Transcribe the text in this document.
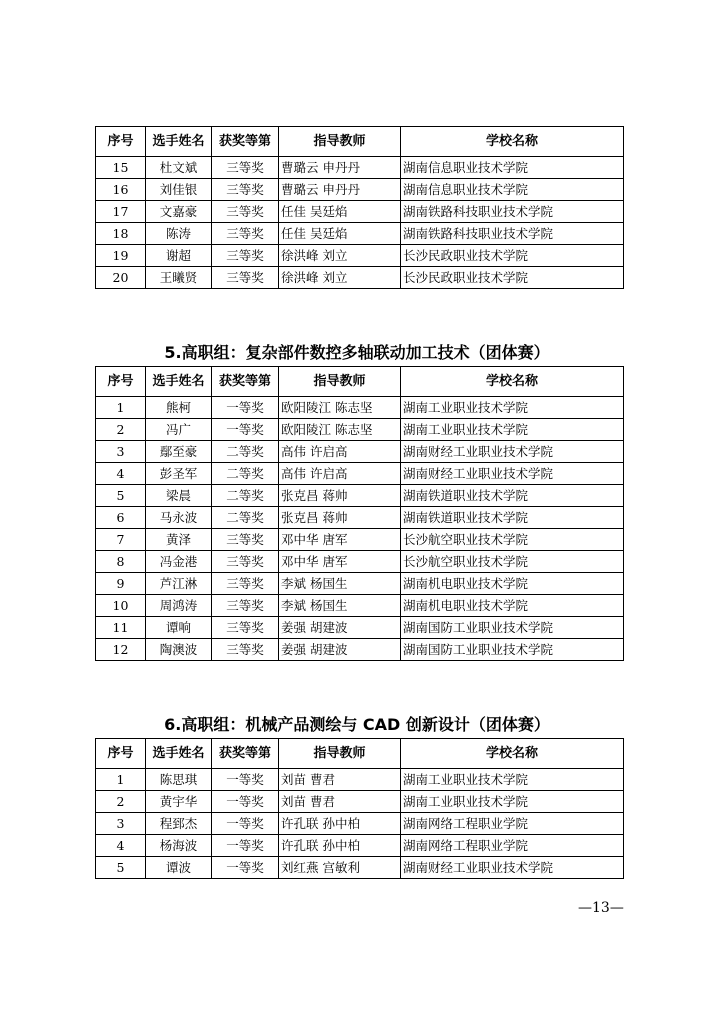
序号	选手姓名	获奖等第	指导教师	学校名称
15	杜文斌	三等奖	曹璐云 申丹丹	湖南信息职业技术学院
16	刘佳银	三等奖	曹璐云 申丹丹	湖南信息职业技术学院
17	文嘉豪	三等奖	任佳 吴廷焰	湖南铁路科技职业技术学院
18	陈涛	三等奖	任佳 吴廷焰	湖南铁路科技职业技术学院
19	谢超	三等奖	徐洪峰 刘立	长沙民政职业技术学院
20	王曦贤	三等奖	徐洪峰 刘立	长沙民政职业技术学院
5.高职组：复杂部件数控多轴联动加工技术（团体赛）
序号	选手姓名	获奖等第	指导教师	学校名称
1	熊柯	一等奖	欧阳陵江 陈志坚	湖南工业职业技术学院
2	冯广	一等奖	欧阳陵江 陈志坚	湖南工业职业技术学院
3	鄢至豪	二等奖	高伟 许启高	湖南财经工业职业技术学院
4	彭圣军	二等奖	高伟 许启高	湖南财经工业职业技术学院
5	梁晨	二等奖	张克昌 蒋帅	湖南铁道职业技术学院
6	马永波	二等奖	张克昌 蒋帅	湖南铁道职业技术学院
7	黄泽	三等奖	邓中华 唐军	长沙航空职业技术学院
8	冯金港	三等奖	邓中华 唐军	长沙航空职业技术学院
9	芦江淋	三等奖	李斌 杨国生	湖南机电职业技术学院
10	周鸿涛	三等奖	李斌 杨国生	湖南机电职业技术学院
11	谭响	三等奖	姜强 胡建波	湖南国防工业职业技术学院
12	陶澳波	三等奖	姜强 胡建波	湖南国防工业职业技术学院
6.高职组：机械产品测绘与 CAD 创新设计（团体赛）
序号	选手姓名	获奖等第	指导教师	学校名称
1	陈思琪	一等奖	刘苗 曹君	湖南工业职业技术学院
2	黄宇华	一等奖	刘苗 曹君	湖南工业职业技术学院
3	程郅杰	一等奖	许孔联 孙中柏	湖南网络工程职业学院
4	杨海波	一等奖	许孔联 孙中柏	湖南网络工程职业学院
5	谭波	一等奖	刘红燕 宫敏利	湖南财经工业职业技术学院
—13—
